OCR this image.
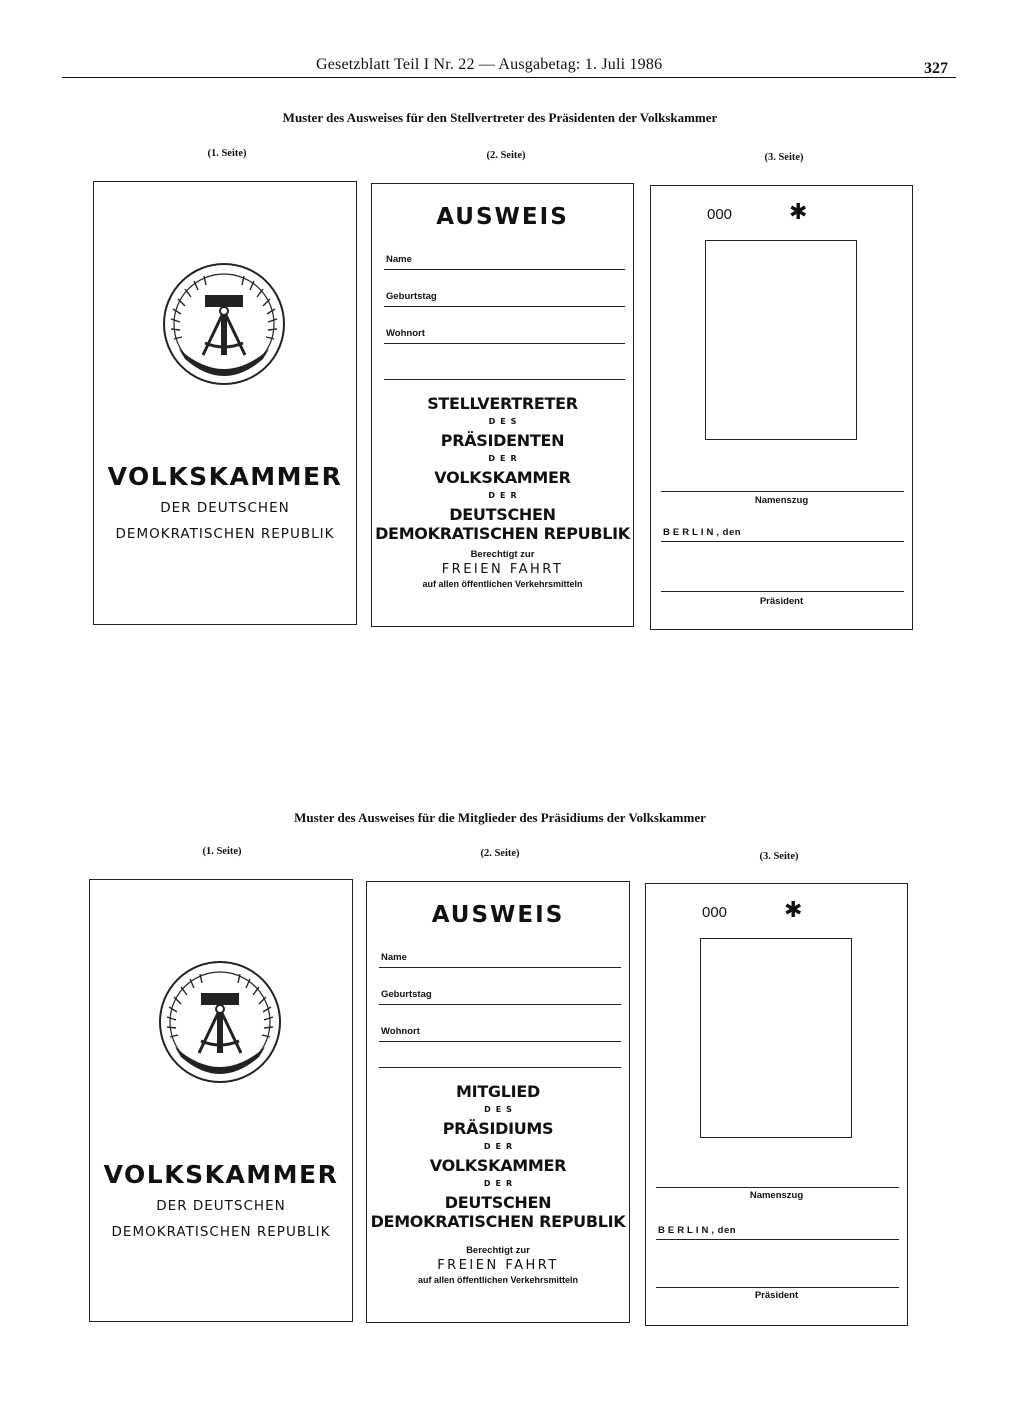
Gesetzblatt Teil I Nr. 22 — Ausgabetag: 1. Juli 1986	327
Muster des Ausweises für den Stellvertreter des Präsidenten der Volkskammer
(1. Seite)	(2. Seite)	(3. Seite)
VOLKSKAMMER
DER DEUTSCHEN
DEMOKRATISCHEN REPUBLIK
AUSWEIS
Name
Geburtstag
Wohnort
STELLVERTRETER
DES
PRÄSIDENTEN
DER
VOLKSKAMMER
DER
DEUTSCHEN
DEMOKRATISCHEN REPUBLIK
Berechtigt zur
FREIEN FAHRT
auf allen öffentlichen Verkehrsmitteln
000	✱
Namenszug
BERLIN, den
Präsident
Muster des Ausweises für die Mitglieder des Präsidiums der Volkskammer
(1. Seite)	(2. Seite)	(3. Seite)
VOLKSKAMMER
DER DEUTSCHEN
DEMOKRATISCHEN REPUBLIK
AUSWEIS
Name
Geburtstag
Wohnort
MITGLIED
DES
PRÄSIDIUMS
DER
VOLKSKAMMER
DER
DEUTSCHEN
DEMOKRATISCHEN REPUBLIK
Berechtigt zur
FREIEN FAHRT
auf allen öffentlichen Verkehrsmitteln
000	✱
Namenszug
BERLIN, den
Präsident
